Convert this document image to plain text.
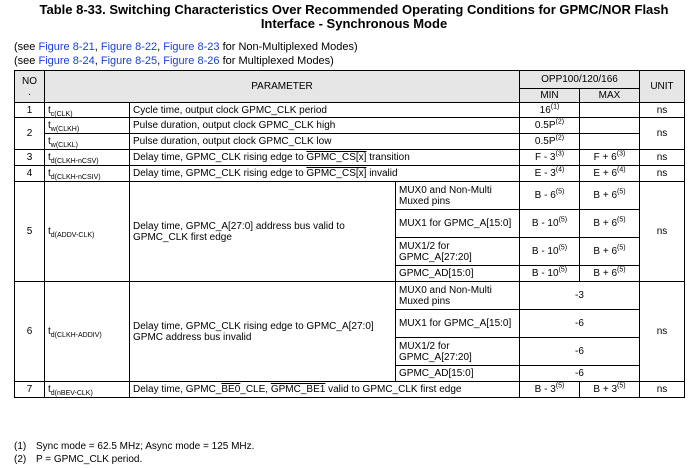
Table 8-33. Switching Characteristics Over Recommended Operating Conditions for GPMC/NOR Flash
Interface - Synchronous Mode
(see Figure 8-21, Figure 8-22, Figure 8-23 for Non-Multiplexed Modes)
(see Figure 8-24, Figure 8-25, Figure 8-26 for Multiplexed Modes)
NO
.	PARAMETER			OPP100/120/166		UNIT
				MIN	MAX	
1	$t_{c(CLK)}$	Cycle time, output clock GPMC_CLK period		16$^{(1)}$		ns
2	$t_{w(CLKH)}$	Pulse duration, output clock GPMC_CLK high		$0.5P^{(2)}$		ns
	$t_{w(CLKL)}$	Pulse duration, output clock GPMC_CLK low		$0.5P^{(2)}$	
3	$t_{d(CLKH-nCSV)}$	Delay time, GPMC_CLK rising edge to GPMC_CS[x] transition		F - 3$^{(3)}$	$F + 6^{(3)}$	ns
4	$t_{d(CLKH-nCSIV)}$	Delay time, GPMC_CLK rising edge to GPMC_CS[x] invalid		E - 3$^{(4)}$	$E + 6^{(4)}$	ns
5	$t_{d(ADDV-CLK)}$	Delay time, GPMC_A[27:0] address bus valid to GPMC_CLK first edge	MUX0 and Non-Multi Muxed pins	B - 6$^{(5)}$	$B + 6^{(5)}$	ns
			MUX1 for GPMC_A[15:0]	B - 10$^{(5)}$	$B + 6^{(5)}$
			MUX1/2 for GPMC_A[27:20]	B - 10$^{(5)}$	$B + 6^{(5)}$
			GPMC_AD[15:0]	B - 10$^{(5)}$	$B + 6^{(5)}$
6	$t_{d(CLKH-ADDIV)}$	Delay time, GPMC_CLK rising edge to GPMC_A[27:0] GPMC address bus invalid	MUX0 and Non-Multi Muxed pins	-3		ns
			MUX1 for GPMC_A[15:0]	-6		
			MUX1/2 for GPMC_A[27:20]	-6		
			GPMC_AD[15:0]	-6		
7	$t_{d(nBEV-CLK)}$	Delay time, GPMC_BE0_CLE, GPMC_BE1 valid to GPMC_CLK first edge		B - 3$^{(5)}$	$B + 3^{(5)}$	ns
(1) Sync mode = 62.5 MHz; Async mode = 125 MHz.
(2) P = GPMC_CLK period.
